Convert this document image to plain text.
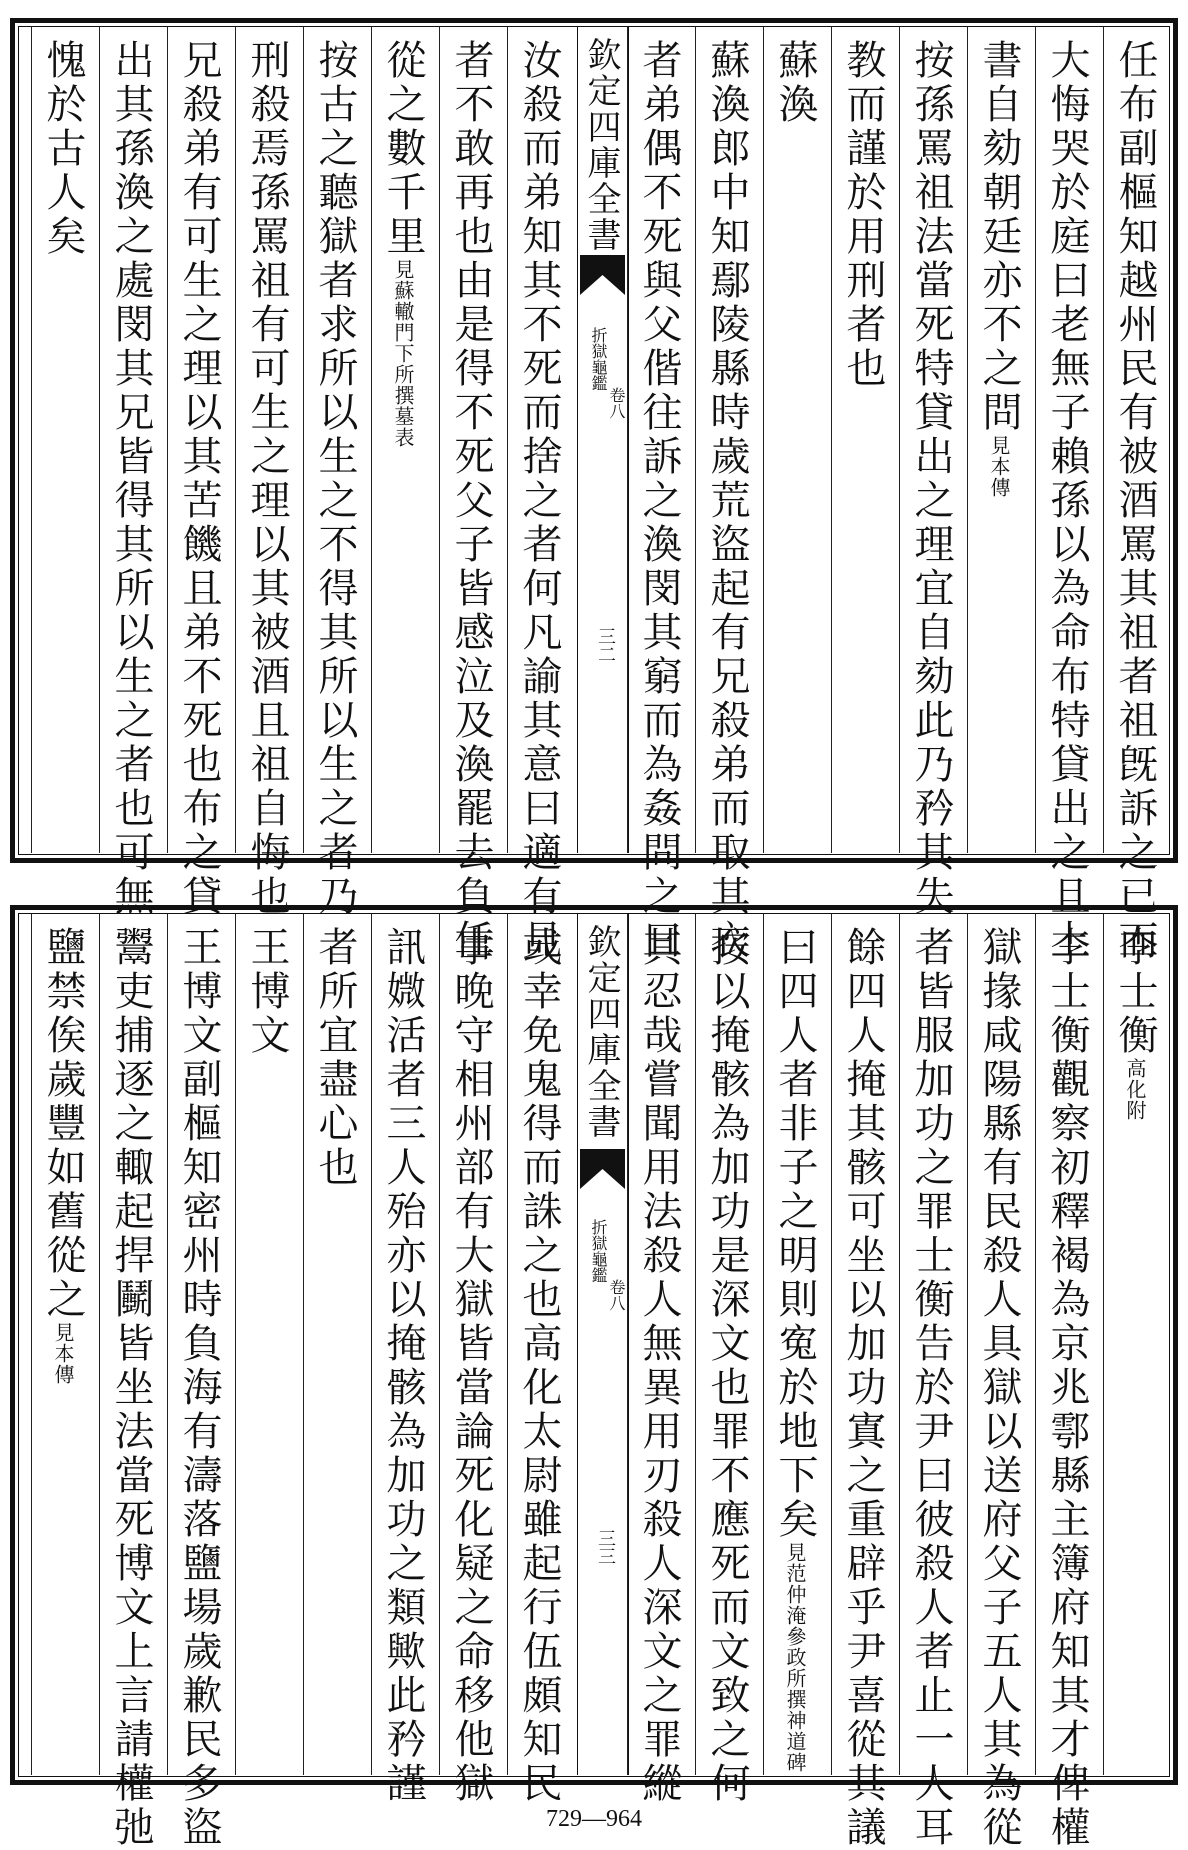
欽定四庫全書
折獄龜鑑
卷八
三二	任布副樞知越州民有被酒罵其祖者祖旣訴之已而
大悔哭於庭曰老無子賴孫以為命布特貸出之且上
書自劾朝廷亦不之問見本傳
按孫罵祖法當死特貸出之理宜自劾此乃矜其失
教而謹於用刑者也
蘇渙
蘇渙郎中知鄢陵縣時歲荒盜起有兄殺弟而取其衣
者弟偶不死與父偕往訴之渙閔其窮而為姦問之曰
汝殺而弟知其不死而捨之者何凡諭其意曰適有見
者不敢再也由是得不死父子皆感泣及渙罷去負任
從之數千里見蘇轍門下所撰墓表
按古之聽獄者求所以生之不得其所以生之者乃
刑殺焉孫罵祖有可生之理以其被酒且祖自悔也
兄殺弟有可生之理以其苦饑且弟不死也布之貸
出其孫渙之處閔其兄皆得其所以生之者也可無
愧於古人矣
欽定四庫全書
折獄龜鑑
卷八
三三
李士衡高化附
李士衡觀察初釋褐為京兆鄠縣主簿府知其才俾權
獄掾咸陽縣有民殺人具獄以送府父子五人其為從
者皆服加功之罪士衡告於尹曰彼殺人者止一人耳
餘四人掩其骸可坐以加功寘之重辟乎尹喜從其議
曰四人者非子之明則寃於地下矣見范仲淹參政所撰神道碑
按以掩骸為加功是深文也罪不應死而文致之何
其忍哉嘗聞用法殺人無異用刃殺人深文之罪縱
或幸免鬼得而誅之也高化太尉雖起行伍頗知民
事晚守相州部有大獄皆當論死化疑之命移他獄
訊媺活者三人殆亦以掩骸為加功之類歟此矜謹
者所宜盡心也
王博文
王博文副樞知密州時負海有濤落鹽場歲歉民多盜
鬻吏捕逐之輙起捍鬭皆坐法當死博文上言請權弛
鹽禁俟歲豐如舊從之見本傳
729—964
